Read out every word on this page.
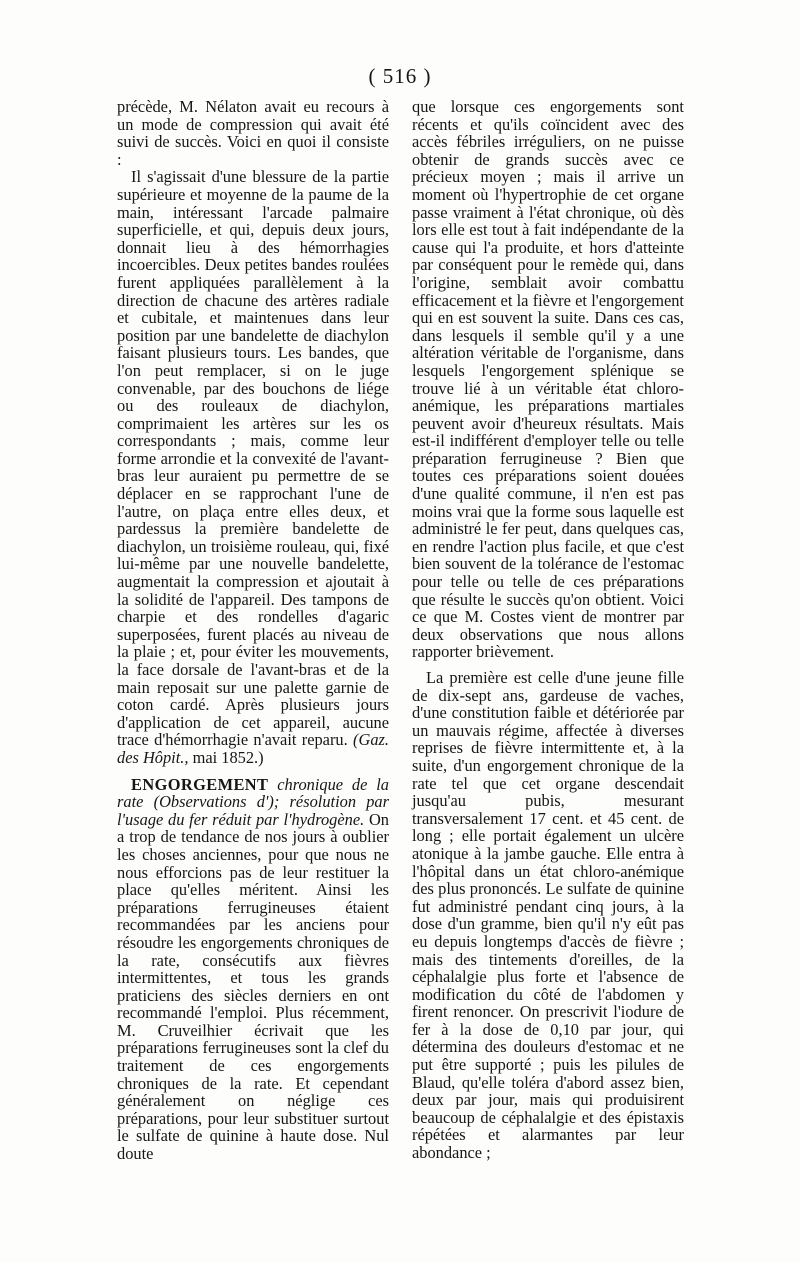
( 516 )

précède, M. Nélaton avait eu recours à un mode de compression qui avait été suivi de succès. Voici en quoi il consiste :

Il s'agissait d'une blessure de la partie supérieure et moyenne de la paume de la main, intéressant l'arcade palmaire superficielle, et qui, depuis deux jours, donnait lieu à des hémorrhagies incoercibles. Deux petites bandes roulées furent appliquées parallèlement à la direction de chacune des artères radiale et cubitale, et maintenues dans leur position par une bandelette de diachylon faisant plusieurs tours. Les bandes, que l'on peut remplacer, si on le juge convenable, par des bouchons de liége ou des rouleaux de diachylon, comprimaient les artères sur les os correspondants ; mais, comme leur forme arrondie et la convexité de l'avant-bras leur auraient pu permettre de se déplacer en se rapprochant l'une de l'autre, on plaça entre elles deux, et pardessus la première bandelette de diachylon, un troisième rouleau, qui, fixé lui-même par une nouvelle bandelette, augmentait la compression et ajoutait à la solidité de l'appareil. Des tampons de charpie et des rondelles d'agaric superposées, furent placés au niveau de la plaie ; et, pour éviter les mouvements, la face dorsale de l'avant-bras et de la main reposait sur une palette garnie de coton cardé. Après plusieurs jours d'application de cet appareil, aucune trace d'hémorrhagie n'avait reparu. (Gaz. des Hôpit., mai 1852.)

ENGORGEMENT chronique de la rate (Observations d'); résolution par l'usage du fer réduit par l'hydrogène. On a trop de tendance de nos jours à oublier les choses anciennes, pour que nous ne nous efforcions pas de leur restituer la place qu'elles méritent. Ainsi les préparations ferrugineuses étaient recommandées par les anciens pour résoudre les engorgements chroniques de la rate, consécutifs aux fièvres intermittentes, et tous les grands praticiens des siècles derniers en ont recommandé l'emploi. Plus récemment, M. Cruveilhier écrivait que les préparations ferrugineuses sont la clef du traitement de ces engorgements chroniques de la rate. Et cependant généralement on néglige ces préparations, pour leur substituer surtout le sulfate de quinine à haute dose. Nul doute

que lorsque ces engorgements sont récents et qu'ils coïncident avec des accès fébriles irréguliers, on ne puisse obtenir de grands succès avec ce précieux moyen ; mais il arrive un moment où l'hypertrophie de cet organe passe vraiment à l'état chronique, où dès lors elle est tout à fait indépendante de la cause qui l'a produite, et hors d'atteinte par conséquent pour le remède qui, dans l'origine, semblait avoir combattu efficacement et la fièvre et l'engorgement qui en est souvent la suite. Dans ces cas, dans lesquels il semble qu'il y a une altération véritable de l'organisme, dans lesquels l'engorgement splénique se trouve lié à un véritable état chloro-anémique, les préparations martiales peuvent avoir d'heureux résultats. Mais est-il indifférent d'employer telle ou telle préparation ferrugineuse ? Bien que toutes ces préparations soient douées d'une qualité commune, il n'en est pas moins vrai que la forme sous laquelle est administré le fer peut, dans quelques cas, en rendre l'action plus facile, et que c'est bien souvent de la tolérance de l'estomac pour telle ou telle de ces préparations que résulte le succès qu'on obtient. Voici ce que M. Costes vient de montrer par deux observations que nous allons rapporter brièvement.

La première est celle d'une jeune fille de dix-sept ans, gardeuse de vaches, d'une constitution faible et détériorée par un mauvais régime, affectée à diverses reprises de fièvre intermittente et, à la suite, d'un engorgement chronique de la rate tel que cet organe descendait jusqu'au pubis, mesurant transversalement 17 cent. et 45 cent. de long ; elle portait également un ulcère atonique à la jambe gauche. Elle entra à l'hôpital dans un état chloro-anémique des plus prononcés. Le sulfate de quinine fut administré pendant cinq jours, à la dose d'un gramme, bien qu'il n'y eût pas eu depuis longtemps d'accès de fièvre ; mais des tintements d'oreilles, de la céphalalgie plus forte et l'absence de modification du côté de l'abdomen y firent renoncer. On prescrivit l'iodure de fer à la dose de 0,10 par jour, qui détermina des douleurs d'estomac et ne put être supporté ; puis les pilules de Blaud, qu'elle toléra d'abord assez bien, deux par jour, mais qui produisirent beaucoup de céphalalgie et des épistaxis répétées et alarmantes par leur abondance ;
